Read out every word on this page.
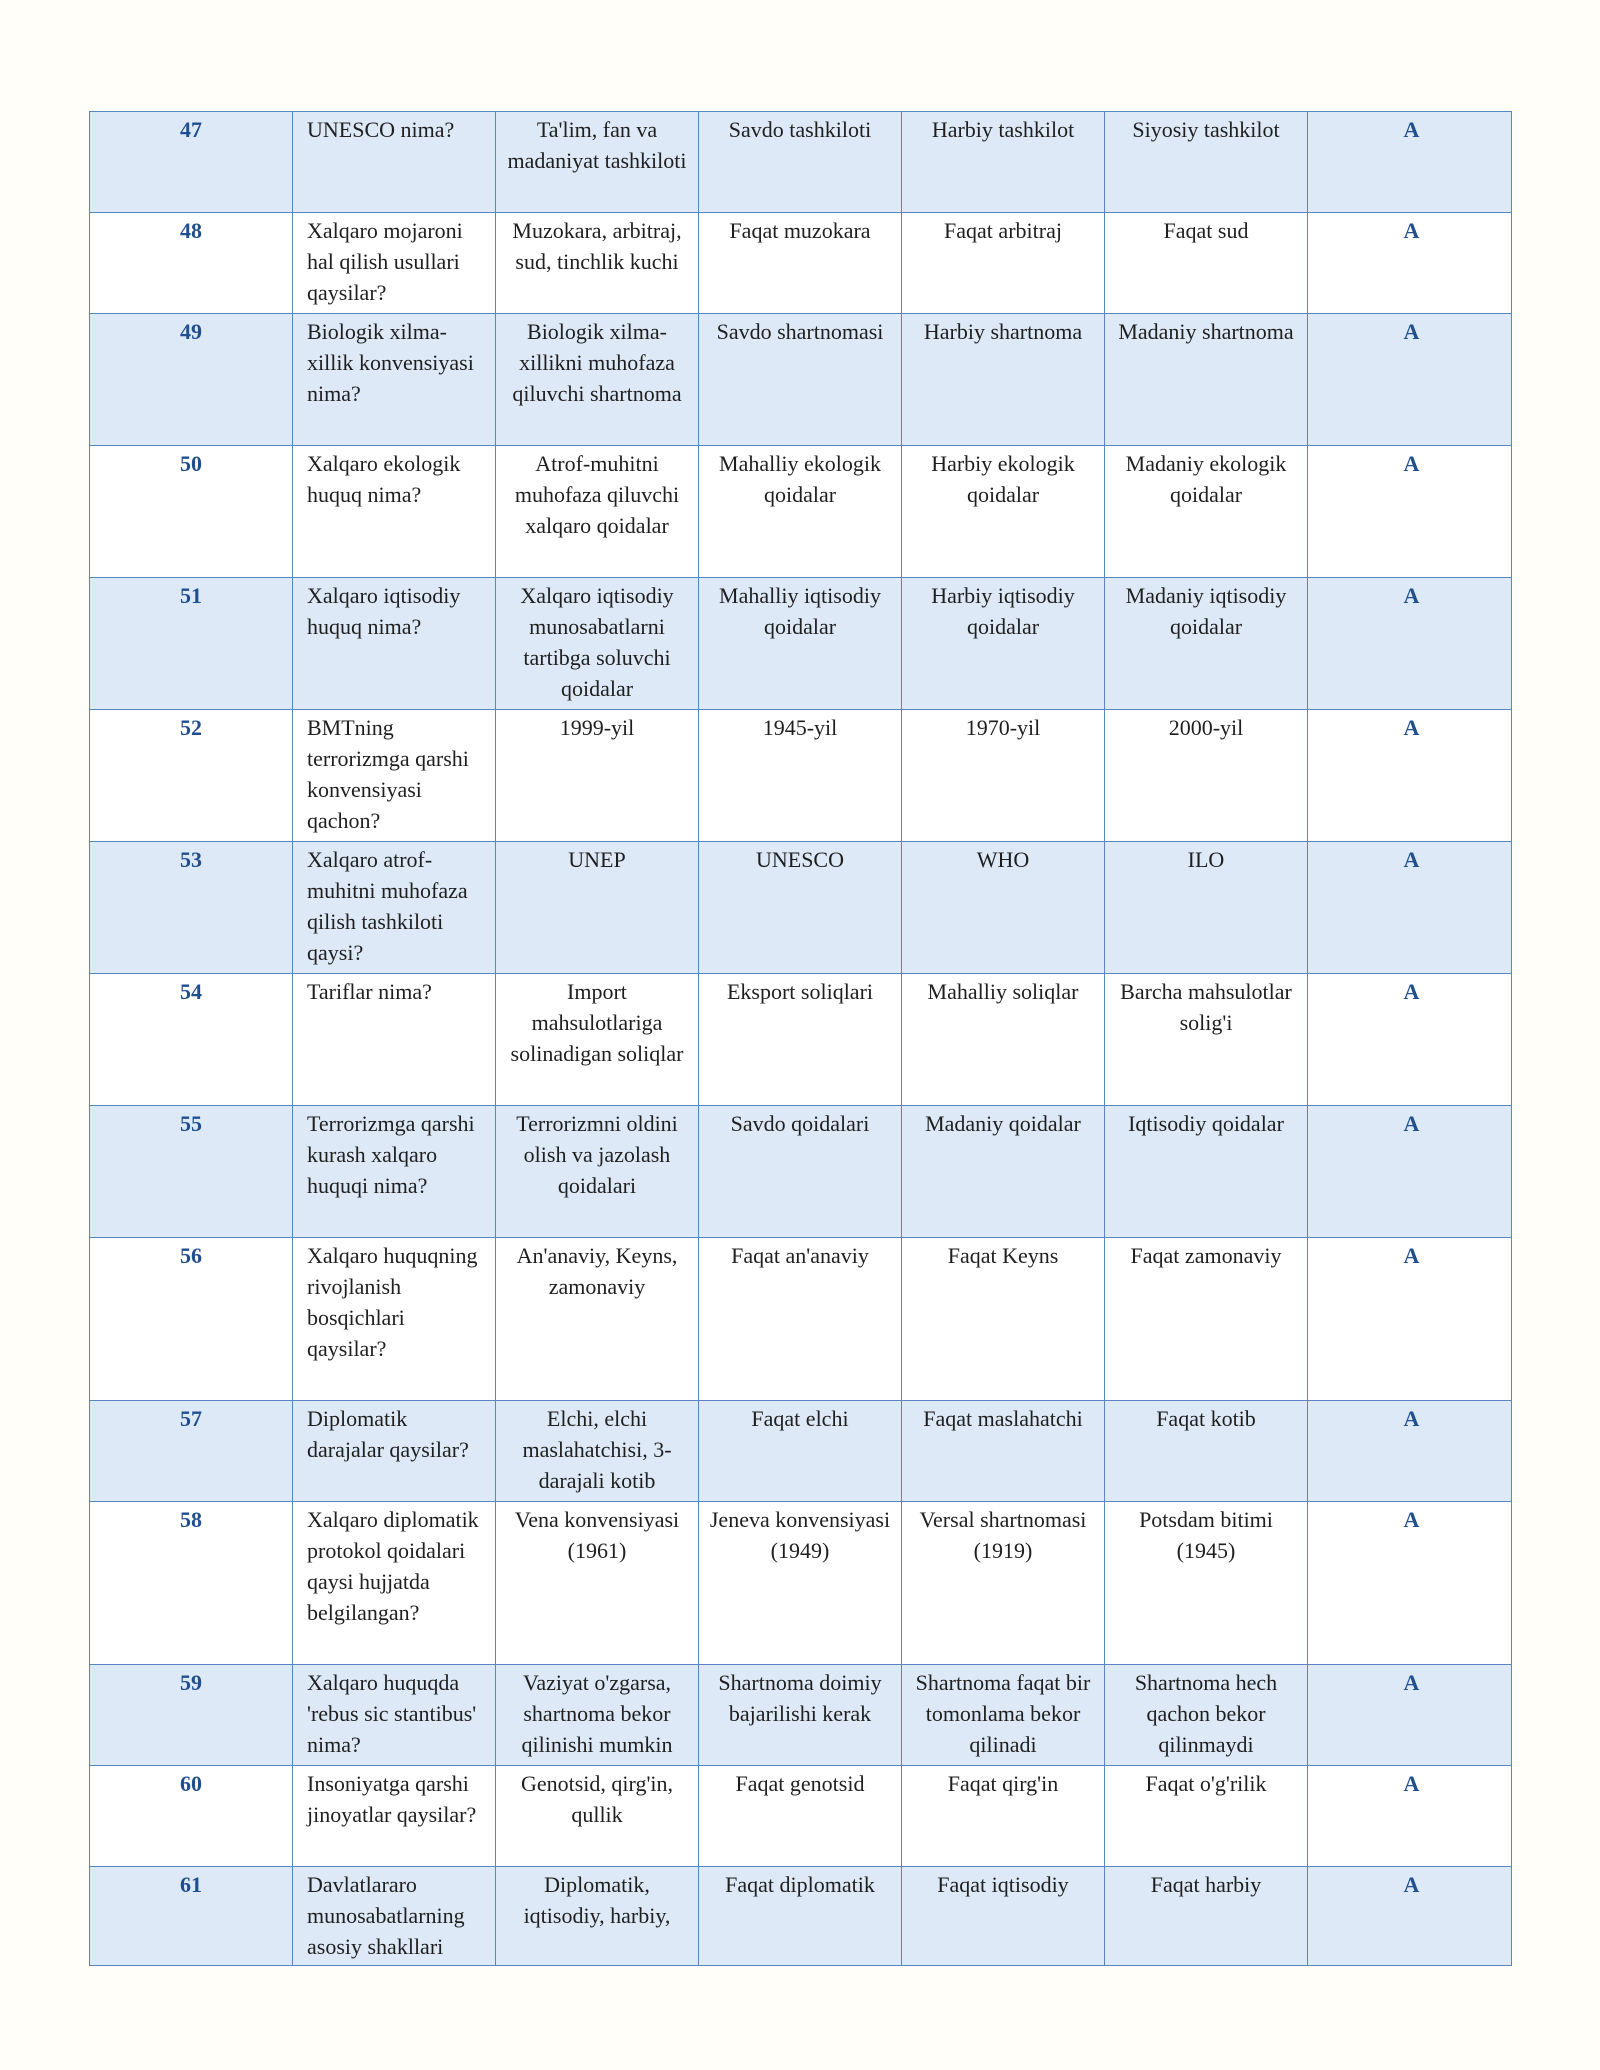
47	UNESCO nima?	Ta'lim, fan va madaniyat tashkiloti	Savdo tashkiloti	Harbiy tashkilot	Siyosiy tashkilot	A
48	Xalqaro mojaroni hal qilish usullari qaysilar?	Muzokara, arbitraj, sud, tinchlik kuchi	Faqat muzokara	Faqat arbitraj	Faqat sud	A
49	Biologik xilma-xillik konvensiyasi nima?	Biologik xilma-xillikni muhofaza qiluvchi shartnoma	Savdo shartnomasi	Harbiy shartnoma	Madaniy shartnoma	A
50	Xalqaro ekologik huquq nima?	Atrof-muhitni muhofaza qiluvchi xalqaro qoidalar	Mahalliy ekologik qoidalar	Harbiy ekologik qoidalar	Madaniy ekologik qoidalar	A
51	Xalqaro iqtisodiy huquq nima?	Xalqaro iqtisodiy munosabatlarni tartibga soluvchi qoidalar	Mahalliy iqtisodiy qoidalar	Harbiy iqtisodiy qoidalar	Madaniy iqtisodiy qoidalar	A
52	BMTning terrorizmga qarshi konvensiyasi qachon?	1999-yil	1945-yil	1970-yil	2000-yil	A
53	Xalqaro atrof-muhitni muhofaza qilish tashkiloti qaysi?	UNEP	UNESCO	WHO	ILO	A
54	Tariflar nima?	Import mahsulotlariga solinadigan soliqlar	Eksport soliqlari	Mahalliy soliqlar	Barcha mahsulotlar solig'i	A
55	Terrorizmga qarshi kurash xalqaro huquqi nima?	Terrorizmni oldini olish va jazolash qoidalari	Savdo qoidalari	Madaniy qoidalar	Iqtisodiy qoidalar	A
56	Xalqaro huquqning rivojlanish bosqichlari qaysilar?	An'anaviy, Keyns, zamonaviy	Faqat an'anaviy	Faqat Keyns	Faqat zamonaviy	A
57	Diplomatik darajalar qaysilar?	Elchi, elchi maslahatchisi, 3-darajali kotib	Faqat elchi	Faqat maslahatchi	Faqat kotib	A
58	Xalqaro diplomatik protokol qoidalari qaysi hujjatda belgilangan?	Vena konvensiyasi (1961)	Jeneva konvensiyasi (1949)	Versal shartnomasi (1919)	Potsdam bitimi (1945)	A
59	Xalqaro huquqda 'rebus sic stantibus' nima?	Vaziyat o'zgarsa, shartnoma bekor qilinishi mumkin	Shartnoma doimiy bajarilishi kerak	Shartnoma faqat bir tomonlama bekor qilinadi	Shartnoma hech qachon bekor qilinmaydi	A
60	Insoniyatga qarshi jinoyatlar qaysilar?	Genotsid, qirg'in, qullik	Faqat genotsid	Faqat qirg'in	Faqat o'g'rilik	A
61	Davlatlararo munosabatlarning asosiy shakllari	Diplomatik, iqtisodiy, harbiy,	Faqat diplomatik	Faqat iqtisodiy	Faqat harbiy	A
